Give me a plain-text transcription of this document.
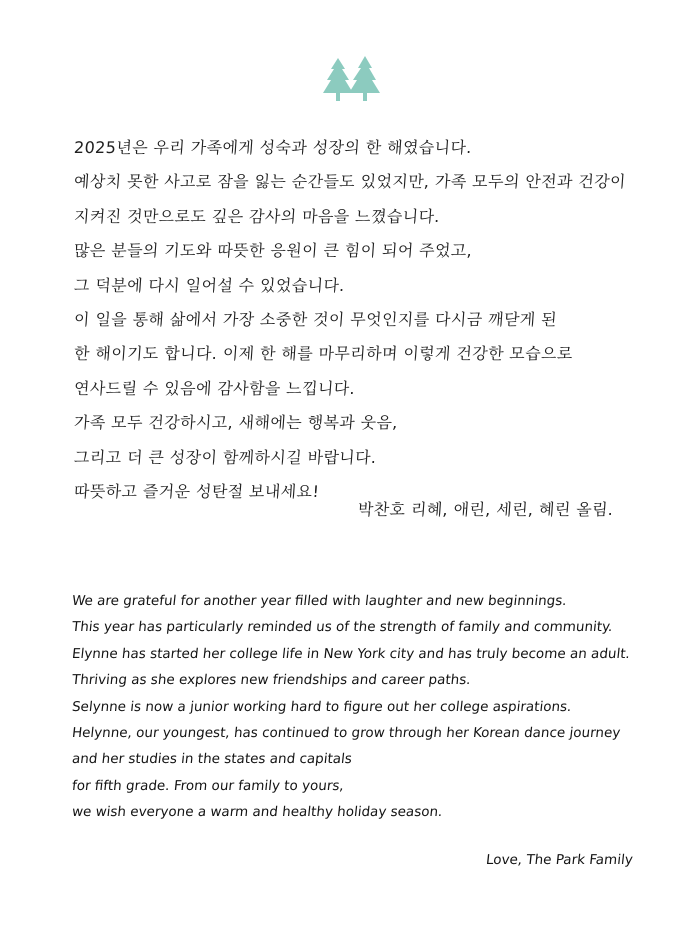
2025년은 우리 가족에게 성숙과 성장의 한 해였습니다.
예상치 못한 사고로 잠을 잃는 순간들도 있었지만, 가족 모두의 안전과 건강이
지켜진 것만으로도 깊은 감사의 마음을 느꼈습니다.
많은 분들의 기도와 따뜻한 응원이 큰 힘이 되어 주었고,
그 덕분에 다시 일어설 수 있었습니다.
이 일을 통해 삶에서 가장 소중한 것이 무엇인지를 다시금 깨닫게 된
한 해이기도 합니다. 이제 한 해를 마무리하며 이렇게 건강한 모습으로
연사드릴 수 있음에 감사함을 느낍니다.
가족 모두 건강하시고, 새해에는 행복과 웃음,
그리고 더 큰 성장이 함께하시길 바랍니다.
따뜻하고 즐거운 성탄절 보내세요!
박찬호 리혜, 애린, 세린, 혜린 올림.
We are grateful for another year filled with laughter and new beginnings.
This year has particularly reminded us of the strength of family and community.
Elynne has started her college life in New York city and has truly become an adult.
Thriving as she explores new friendships and career paths.
Selynne is now a junior working hard to figure out her college aspirations.
Helynne, our youngest, has continued to grow through her Korean dance journey
and her studies in the states and capitals
for fifth grade. From our family to yours,
we wish everyone a warm and healthy holiday season.
Love, The Park Family
